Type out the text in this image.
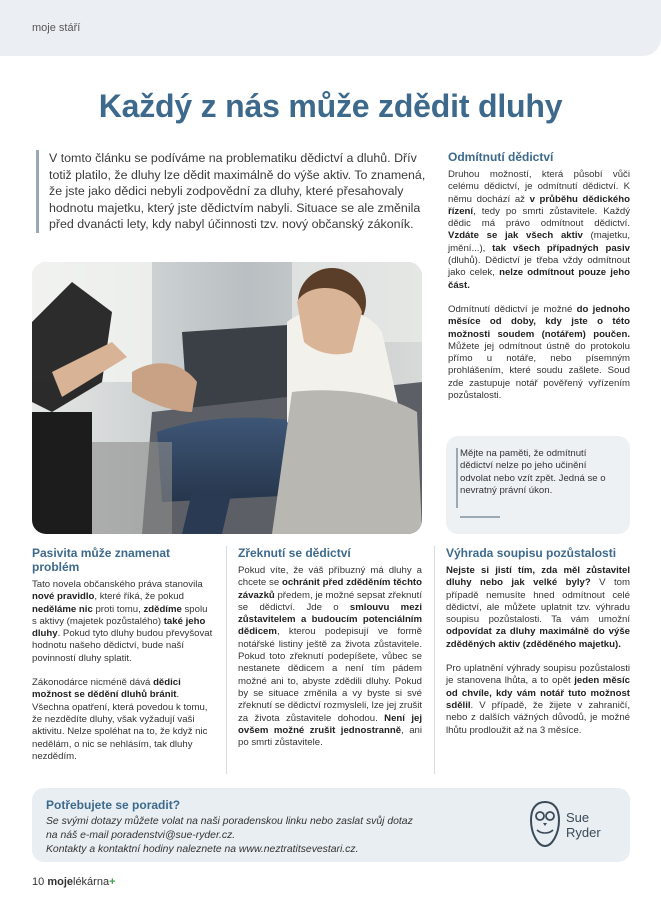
moje stáří
Každý z nás může zdědit dluhy
V tomto článku se podíváme na problematiku dědictví a dluhů. Dřív totiž platilo, že dluhy lze dědit maximálně do výše aktiv. To znamená, že jste jako dědici nebyli zodpovědní za dluhy, které přesahovaly hodnotu majetku, který jste dědictvím nabyli. Situace se ale změnila před dvanácti lety, kdy nabyl účinnosti tzv. nový občanský zákoník.
Odmítnutí dědictví
Druhou možností, která působí vůči celému dědictví, je odmítnutí dědictví. K němu dochází až v průběhu dědického řízení, tedy po smrti zůstavitele. Každý dědic má právo odmítnout dědictví. Vzdáte se jak všech aktiv (majetku, jmění...), tak všech případných pasiv (dluhů). Dědictví je třeba vždy odmítnout jako celek, nelze odmítnout pouze jeho část.
Odmítnutí dědictví je možné do jednoho měsíce od doby, kdy jste o této možnosti soudem (notářem) poučen. Můžete jej odmítnout ústně do protokolu přímo u notáře, nebo písemným prohlášením, které soudu zašlete. Soud zde zastupuje notář pověřený vyřízením pozůstalosti.
Mějte na paměti, že odmítnutí dědictví nelze po jeho učinění odvolat nebo vzít zpět. Jedná se o nevratný právní úkon.
Pasivita může znamenat problém
Tato novela občanského práva stanovila nové pravidlo, které říká, že pokud neděláme nic proti tomu, zdědíme spolu s aktivy (majetek pozůstalého) také jeho dluhy. Pokud tyto dluhy budou převyšovat hodnotu našeho dědictví, bude naší povinností dluhy splatit.
Zákonodárce nicméně dává dědici možnost se dědění dluhů bránit. Všechna opatření, která povedou k tomu, že nezdědíte dluhy, však vyžadují vaši aktivitu. Nelze spoléhat na to, že když nic nedělám, o nic se nehlásím, tak dluhy nezdědím.
Zřeknutí se dědictví
Pokud víte, že váš příbuzný má dluhy a chcete se ochránit před zděděním těchto závazků předem, je možné sepsat zřeknutí se dědictví. Jde o smlouvu mezi zůstavitelem a budoucím potenciálním dědicem, kterou podepisují ve formě notářské listiny ještě za života zůstavitele. Pokud toto zřeknutí podepíšete, vůbec se nestanete dědicem a není tím pádem možné ani to, abyste zdědili dluhy. Pokud by se situace změnila a vy byste si své zřeknutí se dědictví rozmysleli, lze jej zrušit za života zůstavitele dohodou. Není jej ovšem možné zrušit jednostranně, ani po smrti zůstavitele.
Výhrada soupisu pozůstalosti
Nejste si jistí tím, zda měl zůstavitel dluhy nebo jak velké byly? V tom případě nemusíte hned odmítnout celé dědictví, ale můžete uplatnit tzv. výhradu soupisu pozůstalosti. Ta vám umožní odpovídat za dluhy maximálně do výše zděděných aktiv (zděděného majetku).
Pro uplatnění výhrady soupisu pozůstalosti je stanovena lhůta, a to opět jeden měsíc od chvíle, kdy vám notář tuto možnost sdělil. V případě, že žijete v zahraničí, nebo z dalších vážných důvodů, je možné lhůtu prodloužit až na 3 měsíce.
Potřebujete se poradit?
Se svými dotazy můžete volat na naši poradenskou linku nebo zaslat svůj dotaz
na náš e-mail poradenstvi@sue-ryder.cz.
Kontakty a kontaktní hodiny naleznete na www.neztratitsevestari.cz.
Sue
Ryder
10 mojelékárna+
